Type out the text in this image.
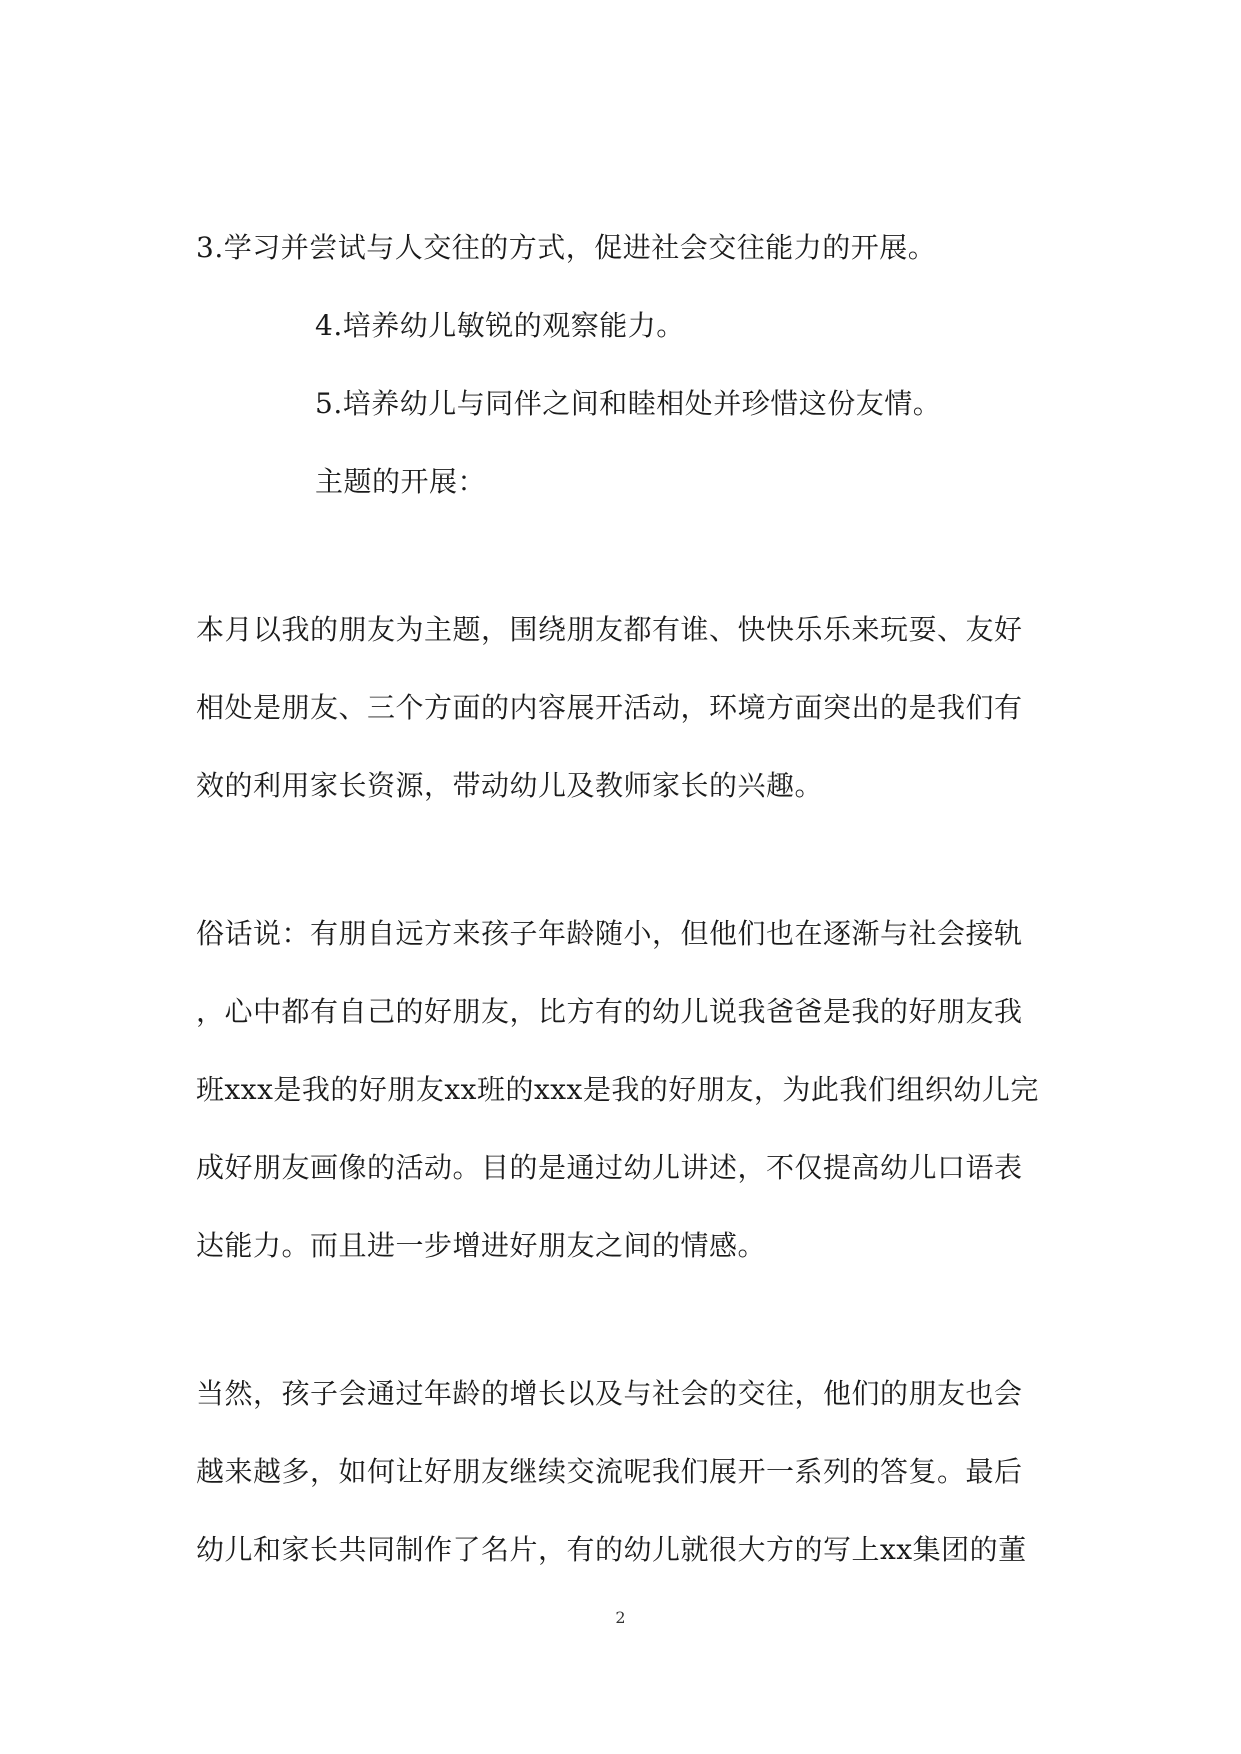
3.学习并尝试与人交往的方式，促进社会交往能力的开展。
4.培养幼儿敏锐的观察能力。
5.培养幼儿与同伴之间和睦相处并珍惜这份友情。
主题的开展：
本月以我的朋友为主题，围绕朋友都有谁、快快乐乐来玩耍、友好
相处是朋友、三个方面的内容展开活动，环境方面突出的是我们有
效的利用家长资源，带动幼儿及教师家长的兴趣。
俗话说：有朋自远方来孩子年龄随小，但他们也在逐渐与社会接轨
，心中都有自己的好朋友，比方有的幼儿说我爸爸是我的好朋友我
班xxx是我的好朋友xx班的xxx是我的好朋友，为此我们组织幼儿完
成好朋友画像的活动。目的是通过幼儿讲述，不仅提高幼儿口语表
达能力。而且进一步增进好朋友之间的情感。
当然，孩子会通过年龄的增长以及与社会的交往，他们的朋友也会
越来越多，如何让好朋友继续交流呢我们展开一系列的答复。最后
幼儿和家长共同制作了名片，有的幼儿就很大方的写上xx集团的董
2
